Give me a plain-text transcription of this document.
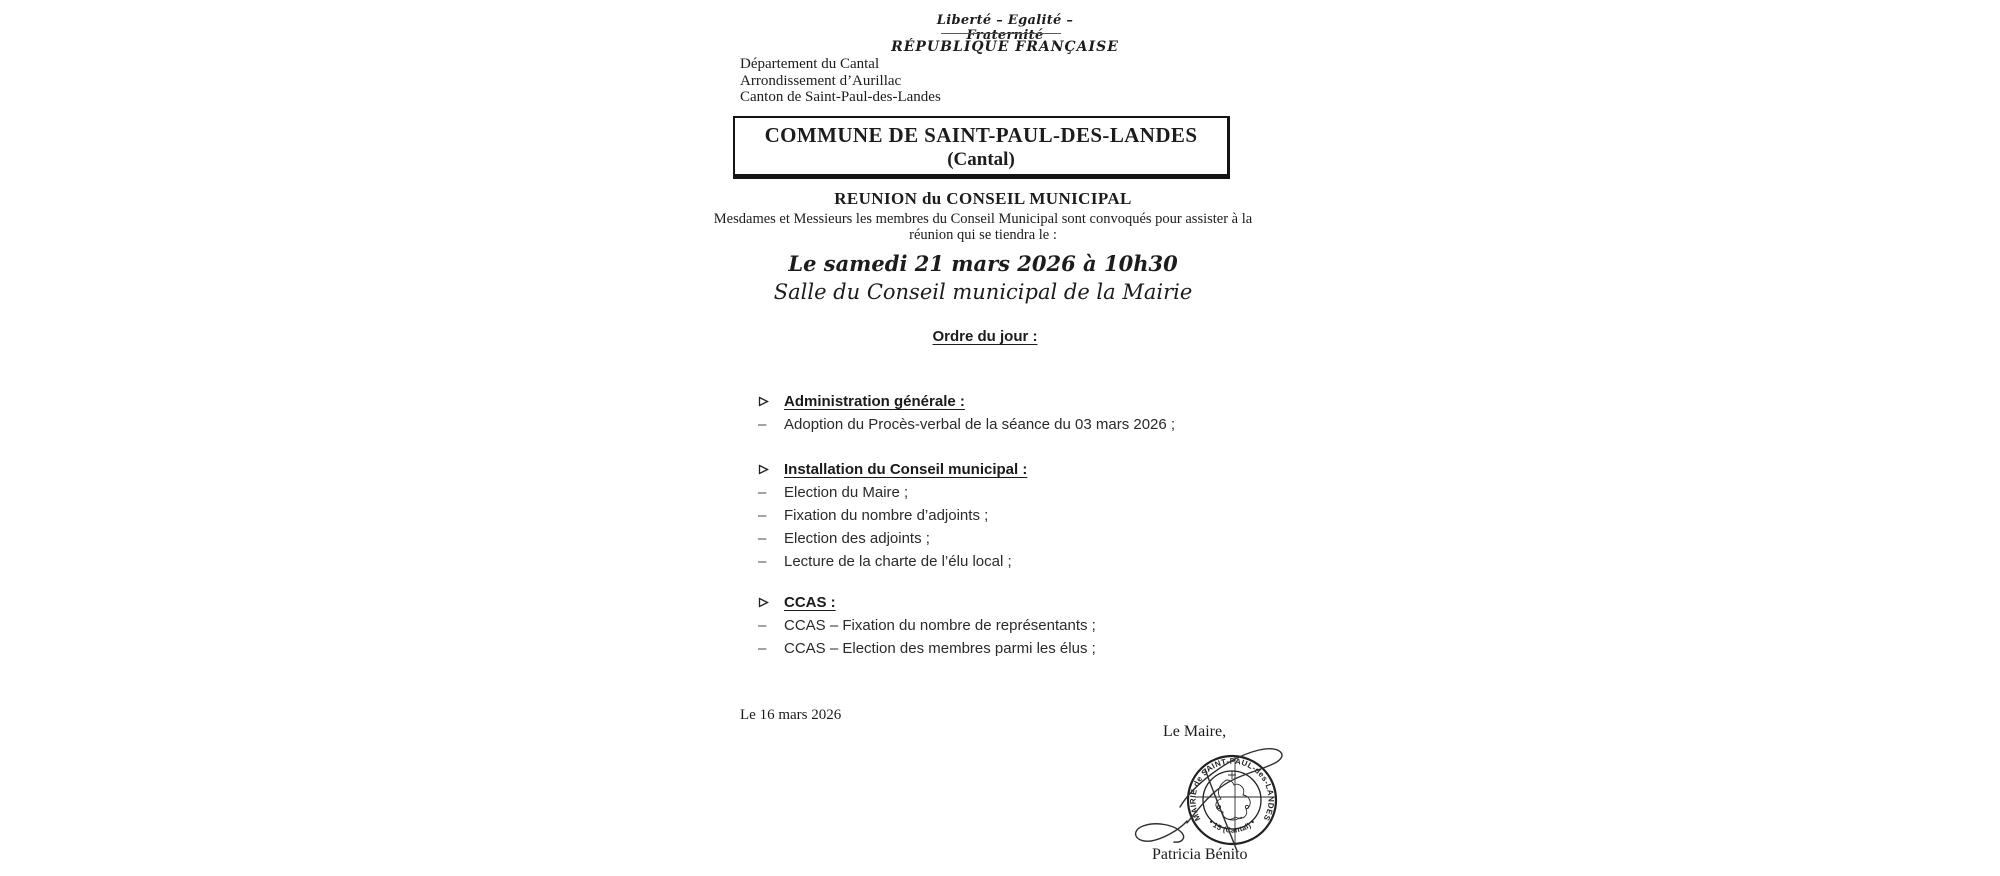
Liberté – Egalité – Fraternité
RÉPUBLIQUE FRANÇAISE
Département du Cantal
Arrondissement d’Aurillac
Canton de Saint-Paul-des-Landes
COMMUNE DE SAINT-PAUL-DES-LANDES
(Cantal)
REUNION du CONSEIL MUNICIPAL
Mesdames et Messieurs les membres du Conseil Municipal sont convoqués pour assister à la
réunion qui se tiendra le :
Le samedi 21 mars 2026 à 10h30
Salle du Conseil municipal de la Mairie
Ordre du jour :
Administration générale :
–	Adoption du Procès-verbal de la séance du 03 mars 2026 ;
Installation du Conseil municipal :
–	Election du Maire ;
–	Fixation du nombre d’adjoints ;
–	Election des adjoints ;
–	Lecture de la charte de l’élu local ;
CCAS :
–	CCAS – Fixation du nombre de représentants ;
–	CCAS – Election des membres parmi les élus ;
Le 16 mars 2026
Le Maire,
MAIRIE de SAINT-PAUL-des-LANDES
• 15 (Cantal) •
Patricia Bénito
